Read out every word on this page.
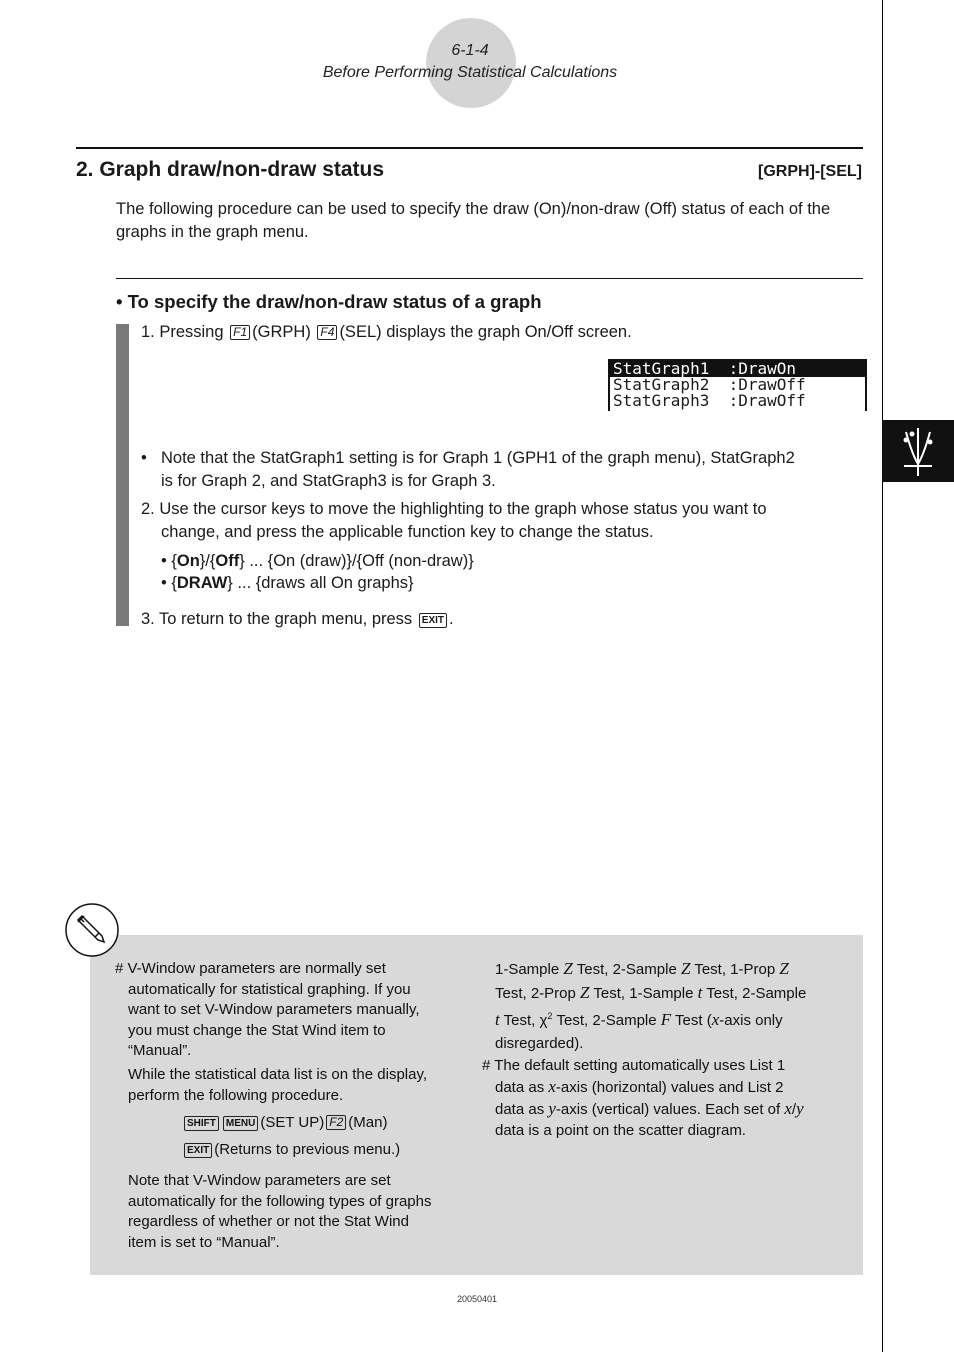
6-1-4
Before Performing Statistical Calculations
2. Graph draw/non-draw status	[GRPH]-[SEL]
The following procedure can be used to specify the draw (On)/non-draw (Off) status of each of the graphs in the graph menu.
• To specify the draw/non-draw status of a graph
1. Pressing F1 (GRPH) F4 (SEL) displays the graph On/Off screen.
StatGraph1 :DrawOn
StatGraph2 :DrawOff
StatGraph3 :DrawOff
• Note that the StatGraph1 setting is for Graph 1 (GPH1 of the graph menu), StatGraph2
is for Graph 2, and StatGraph3 is for Graph 3.
2. Use the cursor keys to move the highlighting to the graph whose status you want to
change, and press the applicable function key to change the status.
• {On}/{Off} ... {On (draw)}/{Off (non-draw)}
• {DRAW} ... {draws all On graphs}
3. To return to the graph menu, press EXIT .
# V-Window parameters are normally set
automatically for statistical graphing. If you
want to set V-Window parameters manually,
you must change the Stat Wind item to
“Manual”.
While the statistical data list is on the display,
perform the following procedure.
SHIFT MENU (SET UP) F2 (Man)
EXIT (Returns to previous menu.)
Note that V-Window parameters are set
automatically for the following types of graphs
regardless of whether or not the Stat Wind
item is set to “Manual”.
1-Sample Z Test, 2-Sample Z Test, 1-Prop Z
Test, 2-Prop Z Test, 1-Sample t Test, 2-Sample
t Test, $\chi^2$ Test, 2-Sample F Test (x-axis only
disregarded).
# The default setting automatically uses List 1
data as x-axis (horizontal) values and List 2
data as y-axis (vertical) values. Each set of x/y
data is a point on the scatter diagram.
20050401
